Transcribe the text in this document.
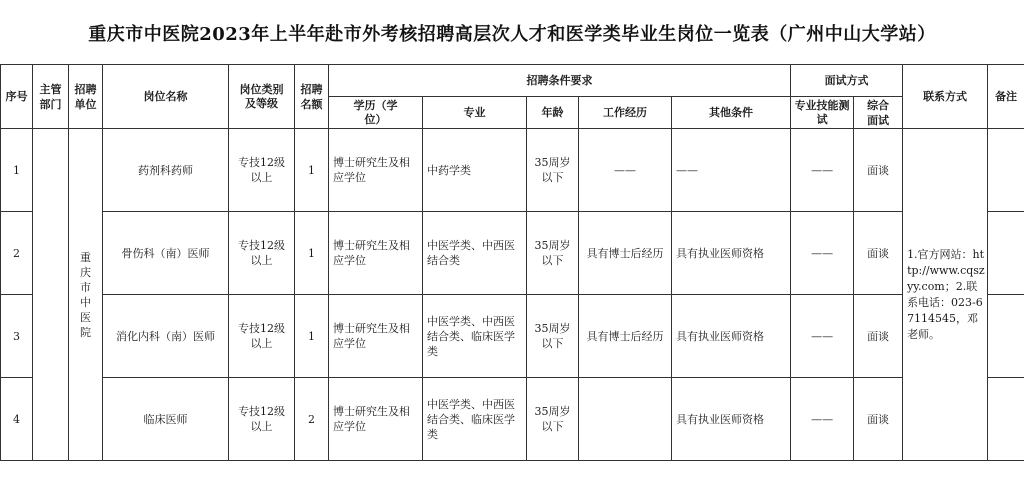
重庆市中医院2023年上半年赴市外考核招聘高层次人才和医学类毕业生岗位一览表（广州中山大学站）
序号	主管部门	招聘单位	岗位名称	岗位类别及等级	招聘名额	招聘条件要求					面试方式		联系方式	备注
						学历（学位）	专业	年龄	工作经历	其他条件	专业技能测试	综合面试		
1		重庆市中医院	药剂科药师	专技12级以上	1	博士研究生及相应学位	中药学类	35周岁以下	——	——	——	面谈	1.官方网站：http://www.cqszyy.com；2.联系电话：023-67114545，邓老师。	
2			骨伤科（南）医师	专技12级以上	1	博士研究生及相应学位	中医学类、中西医结合类	35周岁以下	具有博士后经历	具有执业医师资格	——	面谈		
3			消化内科（南）医师	专技12级以上	1	博士研究生及相应学位	中医学类、中西医结合类、临床医学类	35周岁以下	具有博士后经历	具有执业医师资格	——	面谈		
4			临床医师	专技12级以上	2	博士研究生及相应学位	中医学类、中西医结合类、临床医学类	35周岁以下		具有执业医师资格	——	面谈		
